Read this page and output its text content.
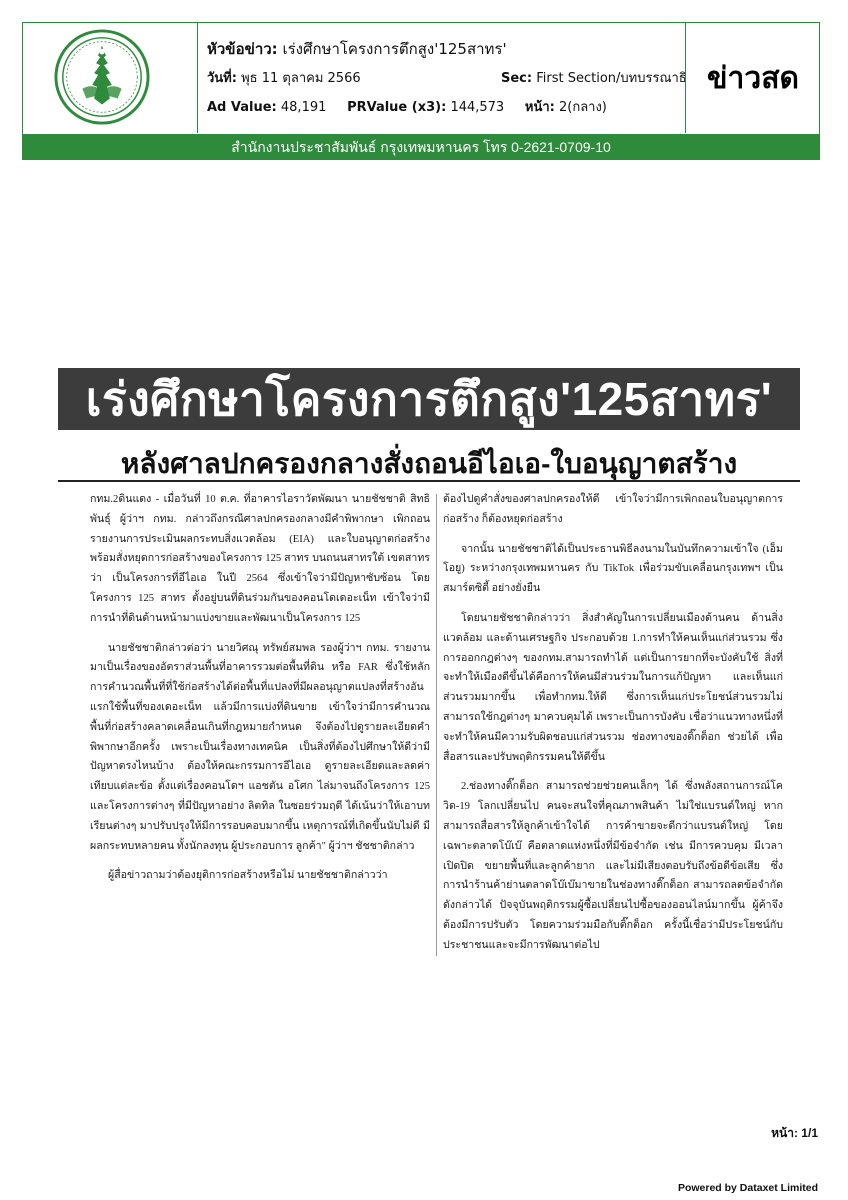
หัวข้อข่าว: เร่งศึกษาโครงการตึกสูง'125สาทร'
วันที่: พุธ 11 ตุลาคม 2566	Sec: First Section/บทบรรณาธิ
Ad Value: 48,191 PRValue (x3): 144,573 หน้า: 2(กลาง)
ข่าวสด
สำนักงานประชาสัมพันธ์ กรุงเทพมหานคร โทร 0-2621-0709-10
เร่งศึกษาโครงการตึกสูง'125สาทร'
หลังศาลปกครองกลางสั่งถอนอีไอเอ-ใบอนุญาตสร้าง

กทม.2ดินแดง - เมื่อวันที่ 10 ต.ค. ที่อาคารไอราวัตพัฒนา นายชัชชาติ สิทธิพันธุ์ ผู้ว่าฯ กทม. กล่าวถึงกรณีศาลปกครองกลางมีคำพิพากษา เพิกถอนรายงานการประเมินผลกระทบสิ่งแวดล้อม (EIA) และใบอนุญาตก่อสร้าง พร้อมสั่งหยุดการก่อสร้างของโครงการ 125 สาทร บนถนนสาทรใต้ เขตสาทร ว่า เป็นโครงการที่อีไอเอ ในปี 2564 ซึ่งเข้าใจว่ามีปัญหาซับซ้อน โดยโครงการ 125 สาทร ตั้งอยู่บนที่ดินร่วมกันของคอนโดเดอะเน็ท เข้าใจว่ามีการนำที่ดินด้านหน้ามาแบ่งขายและพัฒนาเป็นโครงการ 125

นายชัชชาติกล่าวต่อว่า นายวิศณุ ทรัพย์สมพล รองผู้ว่าฯ กทม. รายงานมาเป็นเรื่องของอัตราส่วนพื้นที่อาคารรวมต่อพื้นที่ดิน หรือ FAR ซึ่งใช้หลักการคำนวณพื้นที่ที่ใช้ก่อสร้างได้ต่อพื้นที่แปลงที่มีผลอนุญาตแปลงที่สร้างอันแรกใช้พื้นที่ของเดอะเน็ท แล้วมีการแบ่งที่ดินขาย เข้าใจว่ามีการคำนวณพื้นที่ก่อสร้างคลาดเคลื่อนเกินที่กฎหมายกำหนด จึงต้องไปดูรายละเอียดคำพิพากษาอีกครั้ง เพราะเป็นเรื่องทางเทคนิค เป็นสิ่งที่ต้องไปศึกษาให้ดีว่ามีปัญหาตรงไหนบ้าง ต้องให้คณะกรรมการอีไอเอ ดูรายละเอียดและลดค่าเทียบแต่ละข้อ ตั้งแต่เรื่องคอนโดฯ แอชตัน อโศก ไล่มาจนถึงโครงการ 125 และโครงการต่างๆ ที่มีปัญหาอย่าง ลิตทิล ในซอยร่วมฤดี ได้เน้นว่าให้เอาบทเรียนต่างๆ มาปรับปรุงให้มีการรอบคอบมากขึ้น เหตุการณ์ที่เกิดขึ้นนับไม่ดี มีผลกระทบหลายคน ทั้งนักลงทุน ผู้ประกอบการ ลูกค้า" ผู้ว่าฯ ชัชชาติกล่าว

ผู้สื่อข่าวถามว่าต้องยุติการก่อสร้างหรือไม่ นายชัชชาติกล่าวว่า

ต้องไปดูคำสั่งของศาลปกครองให้ดี เข้าใจว่ามีการเพิกถอนใบอนุญาตการก่อสร้าง ก็ต้องหยุดก่อสร้าง

จากนั้น นายชัชชาติได้เป็นประธานพิธีลงนามในบันทึกความเข้าใจ (เอ็มโอยู) ระหว่างกรุงเทพมหานคร กับ TikTok เพื่อร่วมขับเคลื่อนกรุงเทพฯ เป็น สมาร์ตซิตี้ อย่างยั่งยืน

โดยนายชัชชาติกล่าวว่า สิ่งสำคัญในการเปลี่ยนเมืองด้านคน ด้านสิ่งแวดล้อม และด้านเศรษฐกิจ ประกอบด้วย 1.การทำให้คนเห็นแก่ส่วนรวม ซึ่งการออกกฎต่างๆ ของกทม.สามารถทำได้ แต่เป็นการยากที่จะบังคับใช้ สิ่งที่จะทำให้เมืองดีขึ้นได้คือการให้คนมีส่วนร่วมในการแก้ปัญหา และเห็นแก่ส่วนรวมมากขึ้น เพื่อทำกทม.ให้ดี ซึ่งการเห็นแก่ประโยชน์ส่วนรวมไม่สามารถใช้กฎต่างๆ มาควบคุมได้ เพราะเป็นการบังคับ เชื่อว่าแนวทางหนึ่งที่จะทำให้คนมีความรับผิดชอบแก่ส่วนรวม ช่องทางของติ๊กต็อก ช่วยได้ เพื่อสื่อสารและปรับพฤติกรรมคนให้ดีขึ้น

2.ช่องทางติ๊กต็อก สามารถช่วยช่วยคนเล็กๆ ได้ ซึ่งพลังสถานการณ์โควิด-19 โลกเปลี่ยนไป คนจะสนใจที่คุณภาพสินค้า ไม่ใช่แบรนด์ใหญ่ หากสามารถสื่อสารให้ลูกค้าเข้าใจได้ การค้าขายจะดีกว่าแบรนด์ใหญ่ โดยเฉพาะตลาดโบ๊เบ๊ คือตลาดแห่งหนึ่งที่มีข้อจำกัด เช่น มีการควบคุม มีเวลาเปิดปิด ขยายพื้นที่และลูกค้ายาก และไม่มีเสียงตอบรับถึงข้อดีข้อเสีย ซึ่งการนำร้านค้าย่านตลาดโบ๊เบ๊มาขายในช่องทางติ๊กต็อก สามารถลดข้อจำกัดดังกล่าวได้ ปัจจุบันพฤติกรรมผู้ซื้อเปลี่ยนไปซื้อของออนไลน์มากขึ้น ผู้ค้าจึงต้องมีการปรับตัว โดยความร่วมมือกับติ๊กต็อก ครั้งนี้เชื่อว่ามีประโยชน์กับประชาชนและจะมีการพัฒนาต่อไป

หน้า: 1/1
Powered by Dataxet Limited
